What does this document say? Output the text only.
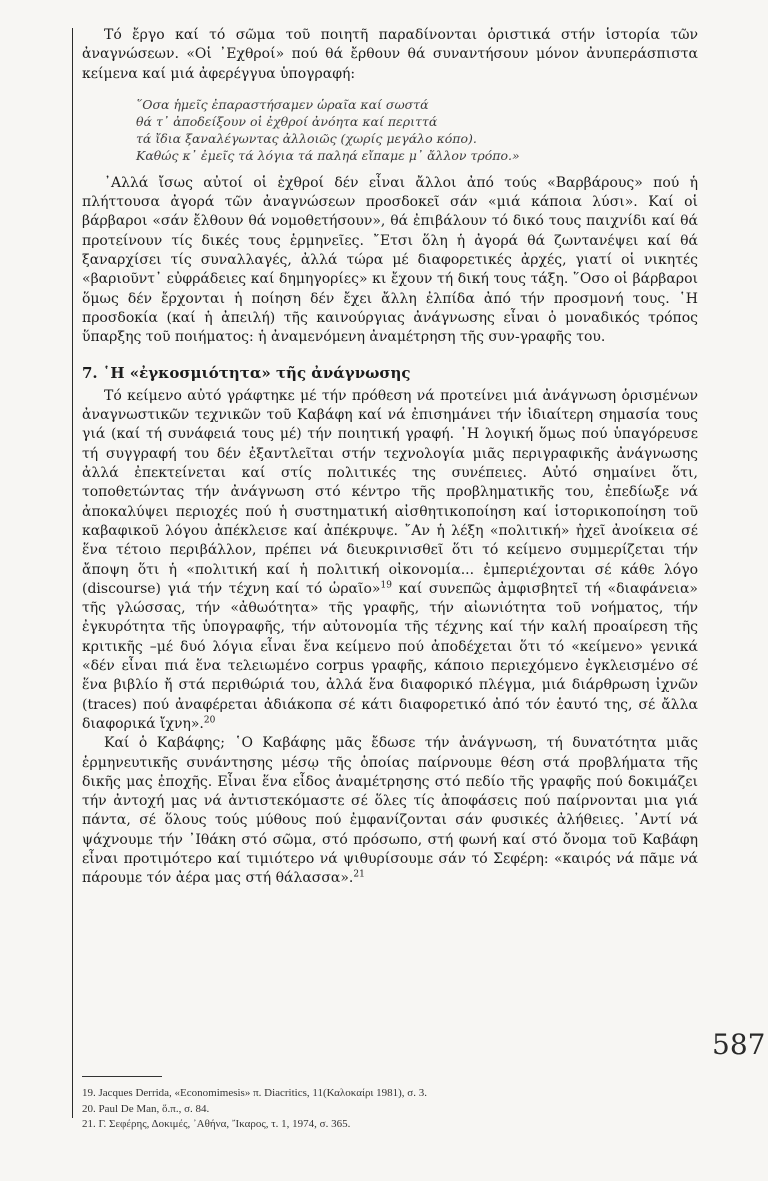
Τό ἔργο καί τό σῶμα τοῦ ποιητῆ παραδίνονται ὁριστικά στήν ἱστορία τῶν ἀναγνώσεων. «Οἱ ᾿Εχθροί» πού θά ἔρθουν θά συναντήσουν μόνον ἀνυπεράσπιστα κείμενα καί μιά ἀφερέγγυα ὑπογραφή:

῞Οσα ἡμεῖς ἐπαραστήσαμεν ὡραῖα καί σωστά
θά τ᾿ ἀποδείξουν οἱ ἐχθροί ἀνόητα καί περιττά
τά ἴδια ξαναλέγωντας ἀλλοιῶς (χωρίς μεγάλο κόπο).
Καθώς κ᾿ ἐμεῖς τά λόγια τά παληά εἴπαμε μ᾿ ἄλλον τρόπο.»

᾿Αλλά ἴσως αὐτοί οἱ ἐχθροί δέν εἶναι ἄλλοι ἀπό τούς «Βαρβάρους» πού ἡ πλήττουσα ἀγορά τῶν ἀναγνώσεων προσδοκεῖ σάν «μιά κάποια λύσι». Καί οἱ βάρβαροι «σάν ἔλθουν θά νομοθετήσουν», θά ἐπιβάλουν τό δικό τους παιχνίδι καί θά προτείνουν τίς δικές τους ἑρμηνεῖες. ῎Ετσι ὅλη ἡ ἀγορά θά ζωντανέψει καί θά ξαναρχίσει τίς συναλλαγές, ἀλλά τώρα μέ διαφορετικές ἀρχές, γιατί οἱ νικητές «βαριοῦντ᾿ εὐφράδειες καί δημηγορίες» κι ἔχουν τή δική τους τάξη. ῞Οσο οἱ βάρβαροι ὅμως δέν ἔρχονται ἡ ποίηση δέν ἔχει ἄλλη ἐλπίδα ἀπό τήν προσμονή τους. ῾Η προσδοκία (καί ἡ ἀπειλή) τῆς καινούργιας ἀνάγνωσης εἶναι ὁ μοναδικός τρόπος ὕπαρξης τοῦ ποιήματος: ἡ ἀναμενόμενη ἀναμέτρηση τῆς συν-γραφῆς του.

7. ῾Η «ἐγκοσμιότητα» τῆς ἀνάγνωσης

Τό κείμενο αὐτό γράφτηκε μέ τήν πρόθεση νά προτείνει μιά ἀνάγνωση ὁρισμένων ἀναγνωστικῶν τεχνικῶν τοῦ Καβάφη καί νά ἐπισημάνει τήν ἰδιαίτερη σημασία τους γιά (καί τή συνάφειά τους μέ) τήν ποιητική γραφή. ῾Η λογική ὅμως πού ὑπαγόρευσε τή συγγραφή του δέν ἐξαντλεῖται στήν τεχνολογία μιᾶς περιγραφικῆς ἀνάγνωσης ἀλλά ἐπεκτείνεται καί στίς πολιτικές της συνέπειες. Αὐτό σημαίνει ὅτι, τοποθετώντας τήν ἀνάγνωση στό κέντρο τῆς προβληματικῆς του, ἐπεδίωξε νά ἀποκαλύψει περιοχές πού ἡ συστηματική αἰσθητικοποίηση καί ἱστορικοποίηση τοῦ καβαφικοῦ λόγου ἀπέκλεισε καί ἀπέκρυψε. ῎Αν ἡ λέξη «πολιτική» ἠχεῖ ἀνοίκεια σέ ἕνα τέτοιο περιβάλλον, πρέπει νά διευκρινισθεῖ ὅτι τό κείμενο συμμερίζεται τήν ἄποψη ὅτι ἡ «πολιτική καί ἡ πολιτική οἰκονομία... ἐμπεριέχονται σέ κάθε λόγο (discourse) γιά τήν τέχνη καί τό ὡραῖο»$^{19}$ καί συνεπῶς ἀμφισβητεῖ τή «διαφάνεια» τῆς γλώσσας, τήν «ἀθωότητα» τῆς γραφῆς, τήν αἰωνιότητα τοῦ νοήματος, τήν ἐγκυρότητα τῆς ὑπογραφῆς, τήν αὐτονομία τῆς τέχνης καί τήν καλή προαίρεση τῆς κριτικῆς –μέ δυό λόγια εἶναι ἕνα κείμενο πού ἀποδέχεται ὅτι τό «κείμενο» γενικά «δέν εἶναι πιά ἕνα τελειωμένο corpus γραφῆς, κάποιο περιεχόμενο ἐγκλεισμένο σέ ἕνα βιβλίο ἤ στά περιθώριά του, ἀλλά ἕνα διαφορικό πλέγμα, μιά διάρθρωση ἰχνῶν (traces) πού ἀναφέρεται ἀδιάκοπα σέ κάτι διαφορετικό ἀπό τόν ἑαυτό της, σέ ἄλλα διαφορικά ἴχνη».$^{20}$

Καί ὁ Καβάφης; ῾Ο Καβάφης μᾶς ἔδωσε τήν ἀνάγνωση, τή δυνατότητα μιᾶς ἑρμηνευτικῆς συνάντησης μέσῳ τῆς ὁποίας παίρνουμε θέση στά προβλήματα τῆς δικῆς μας ἐποχῆς. Εἶναι ἕνα εἶδος ἀναμέτρησης στό πεδίο τῆς γραφῆς πού δοκιμάζει τήν ἀντοχή μας νά ἀντιστεκόμαστε σέ ὅλες τίς ἀποφάσεις πού παίρνονται μια γιά πάντα, σέ ὅλους τούς μύθους πού ἐμφανίζονται σάν φυσικές ἀλήθειες. ᾿Αντί νά ψάχνουμε τήν ᾿Ιθάκη στό σῶμα, στό πρόσωπο, στή φωνή καί στό ὄνομα τοῦ Καβάφη εἶναι προτιμότερο καί τιμιότερο νά ψιθυρίσουμε σάν τό Σεφέρη: «καιρός νά πᾶμε νά πάρουμε τόν ἀέρα μας στή θάλασσα».$^{21}$

587
19. Jacques Derrida, «Economimesis» π. Diacritics, 11(Καλοκαίρι 1981), σ. 3.
20. Paul De Man, ὅ.π., σ. 84.
21. Γ. Σεφέρης, Δοκιμές, ᾿Αθήνα, ῎Ικαρος, τ. 1, 1974, σ. 365.
